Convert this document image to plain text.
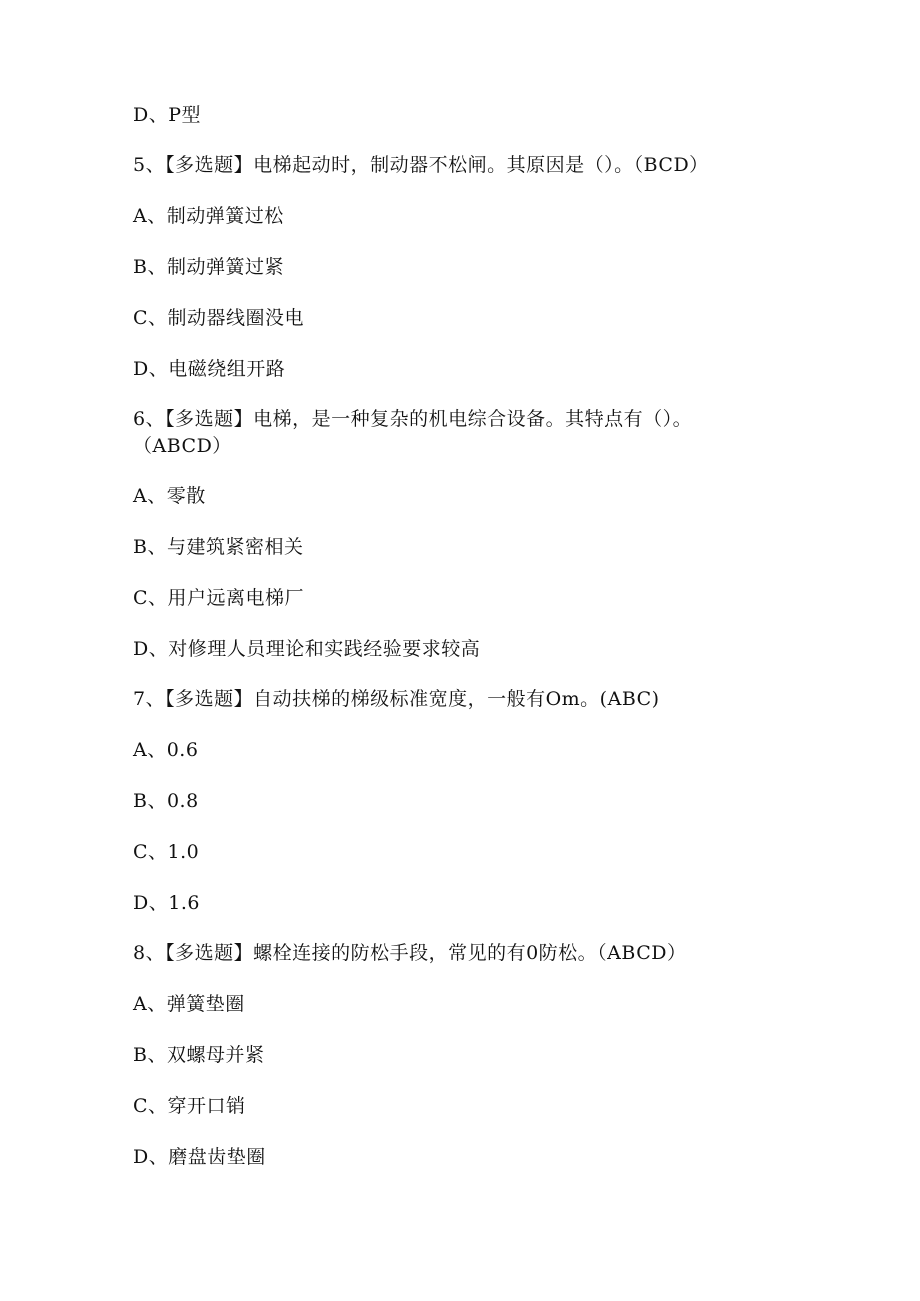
D、P型
5、【多选题】电梯起动时，制动器不松闸。其原因是（）。（BCD）
A、制动弹簧过松
B、制动弹簧过紧
C、制动器线圈没电
D、电磁绕组开路
6、【多选题】电梯，是一种复杂的机电综合设备。其特点有（）。
（ABCD）
A、零散
B、与建筑紧密相关
C、用户远离电梯厂
D、对修理人员理论和实践经验要求较高
7、【多选题】自动扶梯的梯级标准宽度，一般有Om。(ABC)
A、0.6
B、0.8
C、1.0
D、1.6
8、【多选题】螺栓连接的防松手段，常见的有0防松。（ABCD）
A、弹簧垫圈
B、双螺母并紧
C、穿开口销
D、磨盘齿垫圈
